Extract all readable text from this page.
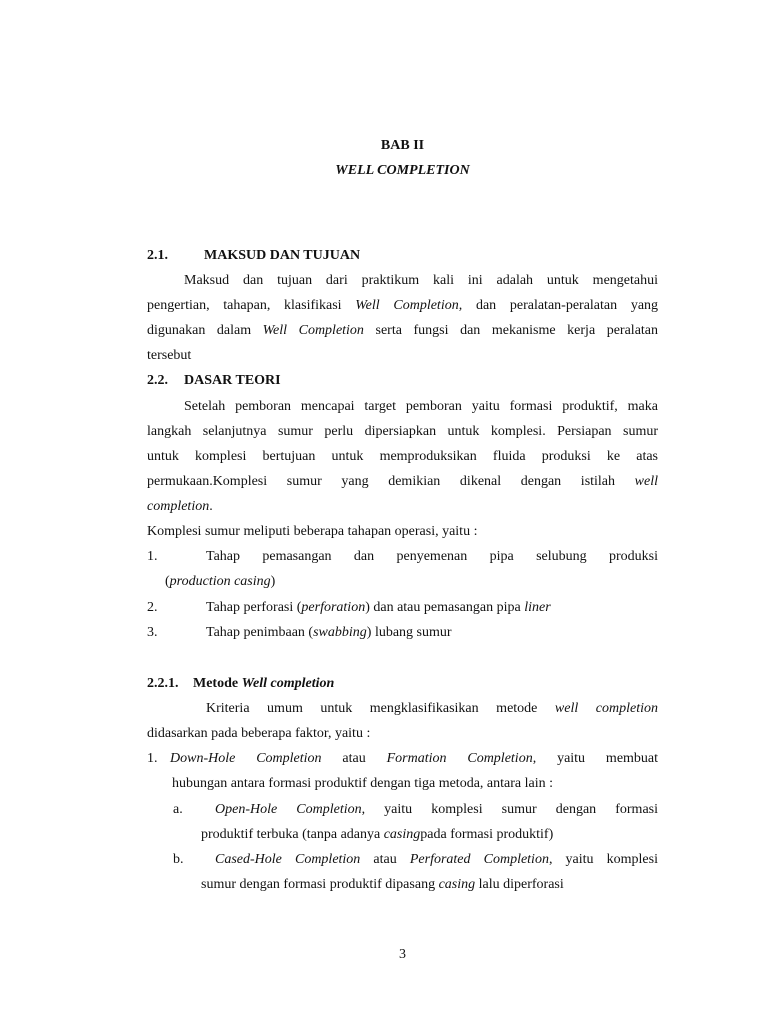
BAB II
WELL COMPLETION
2.1.	MAKSUD DAN TUJUAN
Maksud dan tujuan dari praktikum kali ini adalah untuk mengetahui
pengertian, tahapan, klasifikasi Well Completion, dan peralatan-peralatan yang
digunakan dalam Well Completion serta fungsi dan mekanisme kerja peralatan
tersebut
2.2. DASAR TEORI
Setelah pemboran mencapai target pemboran yaitu formasi produktif, maka
langkah selanjutnya sumur perlu dipersiapkan untuk komplesi. Persiapan sumur
untuk komplesi bertujuan untuk memproduksikan fluida produksi ke atas
permukaan.Komplesi sumur yang demikian dikenal dengan istilah well
completion.
Komplesi sumur meliputi beberapa tahapan operasi, yaitu :
1.	Tahap pemasangan dan penyemenan pipa selubung produksi
(production casing)
2.	Tahap perforasi (perforation) dan atau pemasangan pipa liner
3.	Tahap penimbaan (swabbing) lubang sumur
2.2.1. Metode Well completion
Kriteria umum untuk mengklasifikasikan metode well completion
didasarkan pada beberapa faktor, yaitu :
1. Down-Hole Completion atau Formation Completion, yaitu membuat
hubungan antara formasi produktif dengan tiga metoda, antara lain :
a.	Open-Hole Completion, yaitu komplesi sumur dengan formasi
produktif terbuka (tanpa adanya casingpada formasi produktif)
b.	Cased-Hole Completion atau Perforated Completion, yaitu komplesi
sumur dengan formasi produktif dipasang casing lalu diperforasi
3
